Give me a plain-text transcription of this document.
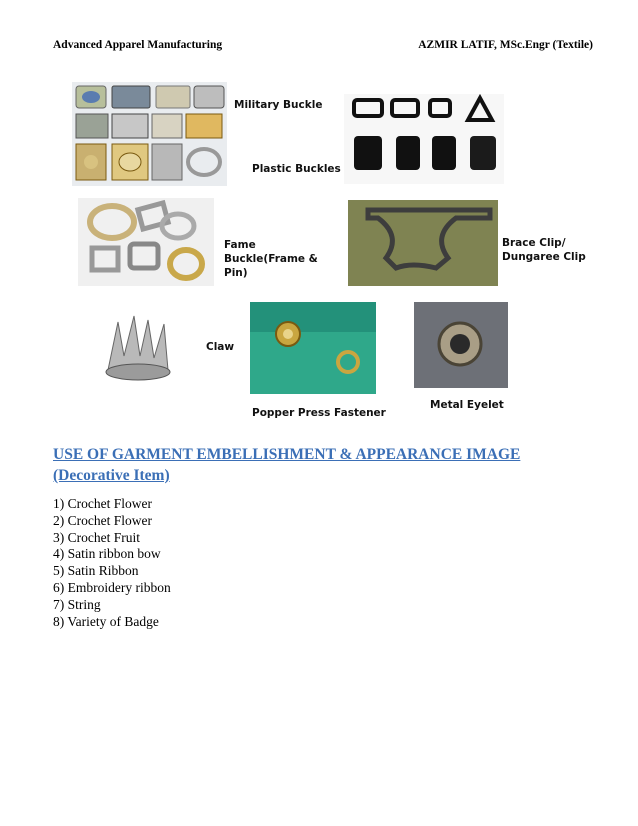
Advanced Apparel Manufacturing	AZMIR LATIF, MSc.Engr (Textile)
Military Buckle
Plastic Buckles
Fame
Buckle(Frame &
Pin)
Brace Clip/
Dungaree Clip
Claw
Popper Press Fastener
Metal Eyelet
USE OF GARMENT EMBELLISHMENT & APPEARANCE IMAGE (Decorative Item)
1) Crochet Flower
2) Crochet Flower
3) Crochet Fruit
4) Satin ribbon bow
5) Satin Ribbon
6) Embroidery ribbon
7) String
8) Variety of Badge
